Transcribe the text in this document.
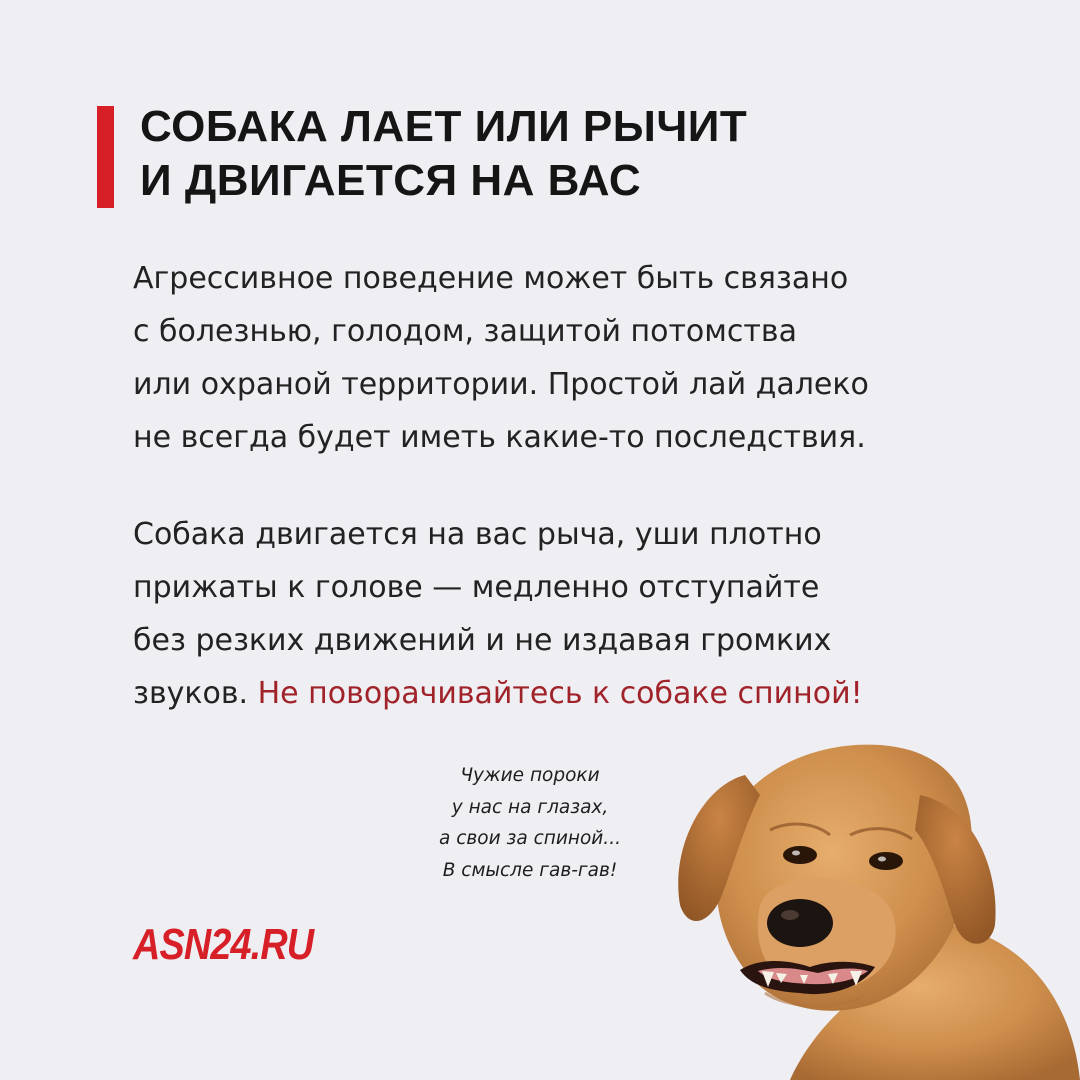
СОБАКА ЛАЕТ ИЛИ РЫЧИТ
И ДВИГАЕТСЯ НА ВАС
Агрессивное поведение может быть связано
с болезнью, голодом, защитой потомства
или охраной территории. Простой лай далеко
не всегда будет иметь какие-то последствия.
Собака двигается на вас рыча, уши плотно
прижаты к голове — медленно отступайте
без резких движений и не издавая громких
звуков. Не поворачивайтесь к собаке спиной!
Чужие пороки
у нас на глазах,
а свои за спиной...
В смысле гав-гав!
ASN24.RU
